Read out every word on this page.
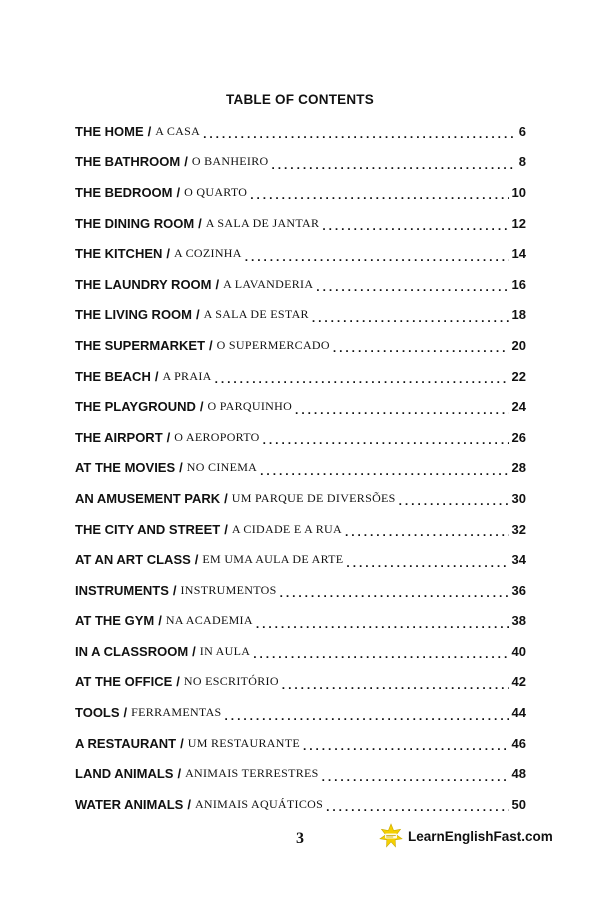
TABLE OF CONTENTS
THE HOME / A CASA . . .	6
THE BATHROOM / O BANHEIRO . . .	8
THE BEDROOM / O QUARTO . . .	10
THE DINING ROOM / A SALA DE JANTAR . . .	12
THE KITCHEN / A COZINHA . . .	14
THE LAUNDRY ROOM / A LAVANDERIA . . .	16
THE LIVING ROOM / A SALA DE ESTAR . . .	18
THE SUPERMARKET / O SUPERMERCADO . . .	20
THE BEACH / A PRAIA . . .	22
THE PLAYGROUND / O PARQUINHO . . .	24
THE AIRPORT / O AEROPORTO . . .	26
AT THE MOVIES / NO CINEMA . . .	28
AN AMUSEMENT PARK / UM PARQUE DE DIVERSÕES . . .	30
THE CITY AND STREET / A CIDADE E A RUA . . .	32
AT AN ART CLASS / EM UMA AULA DE ARTE . . .	34
INSTRUMENTS / INSTRUMENTOS . . .	36
AT THE GYM / NA ACADEMIA . . .	38
IN A CLASSROOM / IN AULA . . .	40
AT THE OFFICE / NO ESCRITÓRIO . . .	42
TOOLS / FERRAMENTAS . . .	44
A RESTAURANT / UM RESTAURANTE . . .	46
LAND ANIMALS / ANIMAIS TERRESTRES . . .	48
WATER ANIMALS / ANIMAIS AQUÁTICOS . . .	50
3	LearnEnglishFast.com
